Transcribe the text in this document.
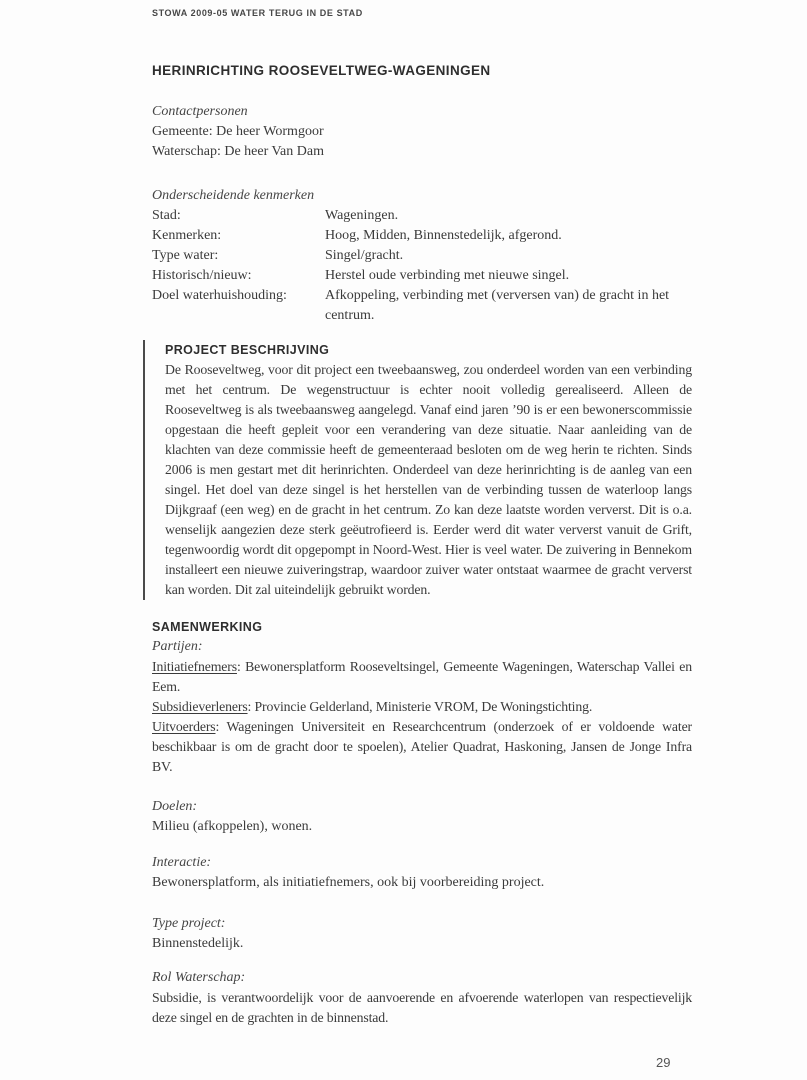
STOWA 2009-05 WATER TERUG IN DE STAD
HERINRICHTING ROOSEVELTWEG-WAGENINGEN
Contactpersonen
Gemeente: De heer Wormgoor
Waterschap: De heer Van Dam
Onderscheidende kenmerken
Stad:	Wageningen.
Kenmerken:	Hoog, Midden, Binnenstedelijk, afgerond.
Type water:	Singel/gracht.
Historisch/nieuw:	Herstel oude verbinding met nieuwe singel.
Doel waterhuishouding:	Afkoppeling, verbinding met (verversen van) de gracht in het centrum.
PROJECT BESCHRIJVING

De Rooseveltweg, voor dit project een tweebaansweg, zou onderdeel worden van een verbinding met het centrum. De wegenstructuur is echter nooit volledig gerealiseerd. Alleen de Rooseveltweg is als tweebaansweg aangelegd. Vanaf eind jaren ’90 is er een bewonerscommissie opgestaan die heeft gepleit voor een verandering van deze situatie. Naar aanleiding van de klachten van deze commissie heeft de gemeenteraad besloten om de weg herin te richten. Sinds 2006 is men gestart met dit herinrichten. Onderdeel van deze herinrichting is de aanleg van een singel. Het doel van deze singel is het herstellen van de verbinding tussen de waterloop langs Dijkgraaf (een weg) en de gracht in het centrum. Zo kan deze laatste worden ververst. Dit is o.a. wenselijk aangezien deze sterk geëutrofieerd is. Eerder werd dit water ververst vanuit de Grift, tegenwoordig wordt dit opgepompt in Noord-West. Hier is veel water. De zuivering in Bennekom installeert een nieuwe zuiveringstrap, waardoor zuiver water ontstaat waarmee de gracht ververst kan worden. Dit zal uiteindelijk gebruikt worden.

SAMENWERKING
Partijen:

Initiatiefnemers: Bewonersplatform Rooseveltsingel, Gemeente Wageningen, Waterschap Vallei en Eem.

Subsidieverleners: Provincie Gelderland, Ministerie VROM, De Woningstichting.

Uitvoerders: Wageningen Universiteit en Researchcentrum (onderzoek of er voldoende water beschikbaar is om de gracht door te spoelen), Atelier Quadrat, Haskoning, Jansen de Jonge Infra BV.

Doelen:

Milieu (afkoppelen), wonen.

Interactie:

Bewonersplatform, als initiatiefnemers, ook bij voorbereiding project.

Type project:

Binnenstedelijk.

Rol Waterschap:

Subsidie, is verantwoordelijk voor de aanvoerende en afvoerende waterlopen van respectievelijk deze singel en de grachten in de binnenstad.

29
